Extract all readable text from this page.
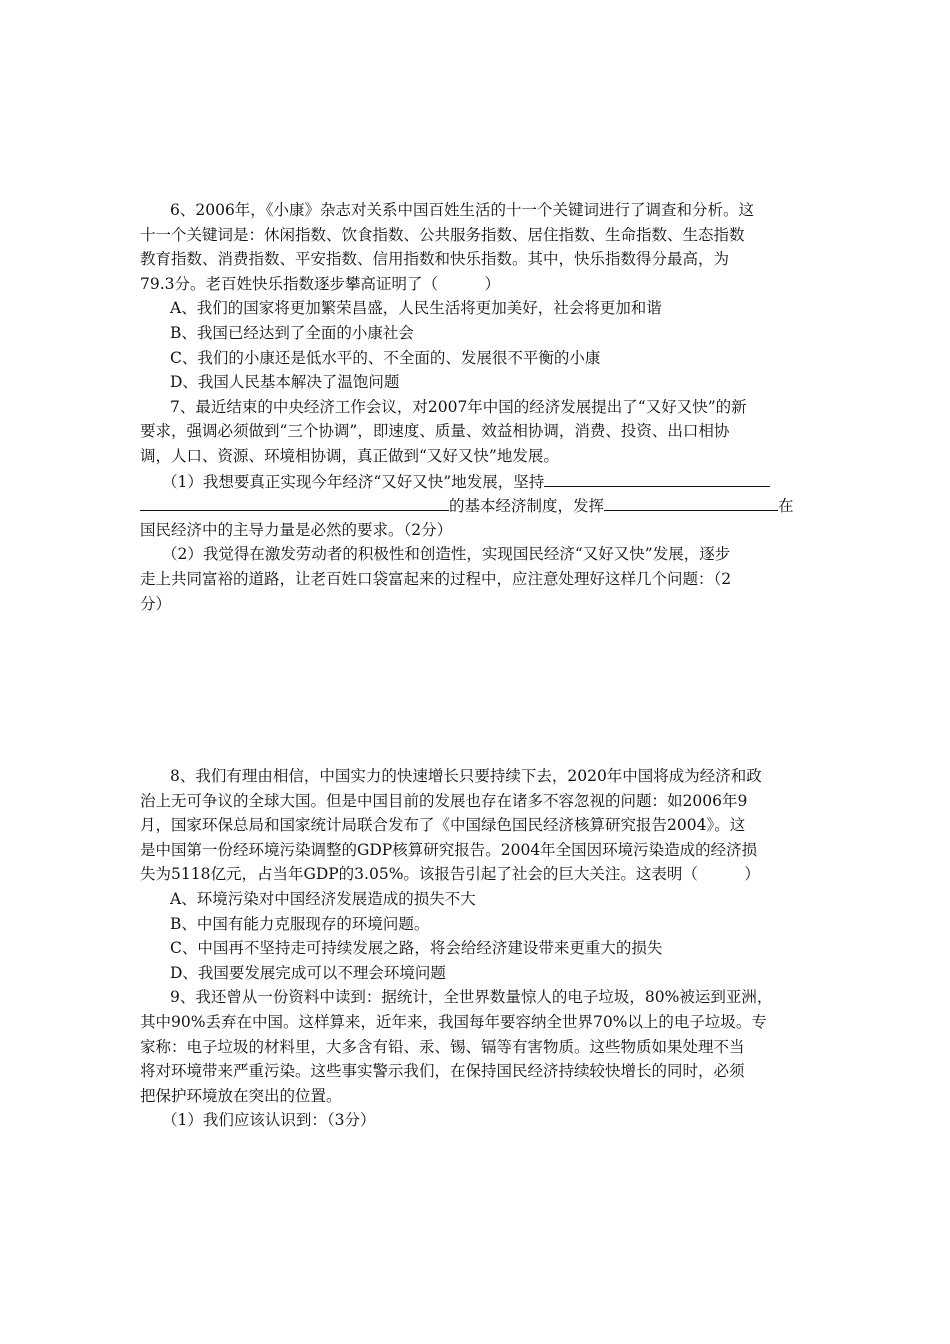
6、2006年，《小康》杂志对关系中国百姓生活的十一个关键词进行了调查和分析。这
十一个关键词是：休闲指数、饮食指数、公共服务指数、居住指数、生命指数、生态指数
教育指数、消费指数、平安指数、信用指数和快乐指数。其中，快乐指数得分最高，为
79.3分。老百姓快乐指数逐步攀高证明了（　　　）
A、我们的国家将更加繁荣昌盛，人民生活将更加美好，社会将更加和谐
B、我国已经达到了全面的小康社会
C、我们的小康还是低水平的、不全面的、发展很不平衡的小康
D、我国人民基本解决了温饱问题
7、最近结束的中央经济工作会议，对2007年中国的经济发展提出了“又好又快”的新
要求，强调必须做到“三个协调”，即速度、质量、效益相协调，消费、投资、出口相协
调，人口、资源、环境相协调，真正做到“又好又快”地发展。
（1）我想要真正实现今年经济“又好又快”地发展，坚持
的基本经济制度，发挥	在
国民经济中的主导力量是必然的要求。（2分）
（2）我觉得在激发劳动者的积极性和创造性，实现国民经济“又好又快”发展，逐步
走上共同富裕的道路，让老百姓口袋富起来的过程中，应注意处理好这样几个问题：（2
分）
8、我们有理由相信，中国实力的快速增长只要持续下去，2020年中国将成为经济和政
治上无可争议的全球大国。但是中国目前的发展也存在诸多不容忽视的问题：如2006年9
月，国家环保总局和国家统计局联合发布了《中国绿色国民经济核算研究报告2004》。这
是中国第一份经环境污染调整的GDP核算研究报告。2004年全国因环境污染造成的经济损
失为5118亿元，占当年GDP的3.05%。该报告引起了社会的巨大关注。这表明（　　　）
A、环境污染对中国经济发展造成的损失不大
B、中国有能力克服现存的环境问题。
C、中国再不坚持走可持续发展之路，将会给经济建设带来更重大的损失
D、我国要发展完成可以不理会环境问题
9、我还曾从一份资料中读到：据统计，全世界数量惊人的电子垃圾，80%被运到亚洲，
其中90%丢弃在中国。这样算来，近年来，我国每年要容纳全世界70%以上的电子垃圾。专
家称：电子垃圾的材料里，大多含有铅、汞、锡、镉等有害物质。这些物质如果处理不当
将对环境带来严重污染。这些事实警示我们，在保持国民经济持续较快增长的同时，必须
把保护环境放在突出的位置。
（1）我们应该认识到：（3分）
